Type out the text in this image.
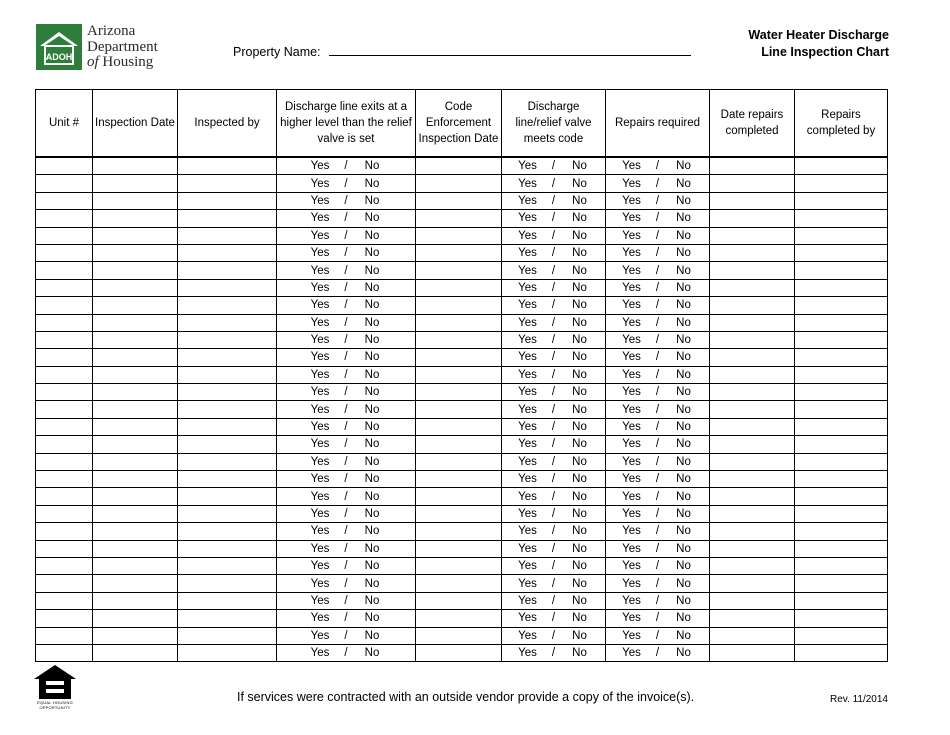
ADOH
Arizona
Department
of Housing
Property Name:
Water Heater Discharge
Line Inspection Chart
Unit #	Inspection Date	Inspected by	Discharge line exits at a higher level than the relief valve is set	Code Enforcement Inspection Date	Discharge line/relief valve meets code	Repairs required	Date repairs completed	Repairs completed by

			Yes / No		Yes / No	Yes / No		

			Yes / No		Yes / No	Yes / No		

			Yes / No		Yes / No	Yes / No		

			Yes / No		Yes / No	Yes / No		

			Yes / No		Yes / No	Yes / No		

			Yes / No		Yes / No	Yes / No		

			Yes / No		Yes / No	Yes / No		

			Yes / No		Yes / No	Yes / No		

			Yes / No		Yes / No	Yes / No		

			Yes / No		Yes / No	Yes / No		

			Yes / No		Yes / No	Yes / No		

			Yes / No		Yes / No	Yes / No		

			Yes / No		Yes / No	Yes / No		

			Yes / No		Yes / No	Yes / No		

			Yes / No		Yes / No	Yes / No		

			Yes / No		Yes / No	Yes / No		

			Yes / No		Yes / No	Yes / No		

			Yes / No		Yes / No	Yes / No		

			Yes / No		Yes / No	Yes / No		

			Yes / No		Yes / No	Yes / No		

			Yes / No		Yes / No	Yes / No		

			Yes / No		Yes / No	Yes / No		

			Yes / No		Yes / No	Yes / No		

			Yes / No		Yes / No	Yes / No		

			Yes / No		Yes / No	Yes / No		

			Yes / No		Yes / No	Yes / No		

			Yes / No		Yes / No	Yes / No		

			Yes / No		Yes / No	Yes / No		

			Yes / No		Yes / No	Yes / No		

EQUAL HOUSING
OPPORTUNITY
If services were contracted with an outside vendor provide a copy of the invoice(s).	Rev. 11/2014
